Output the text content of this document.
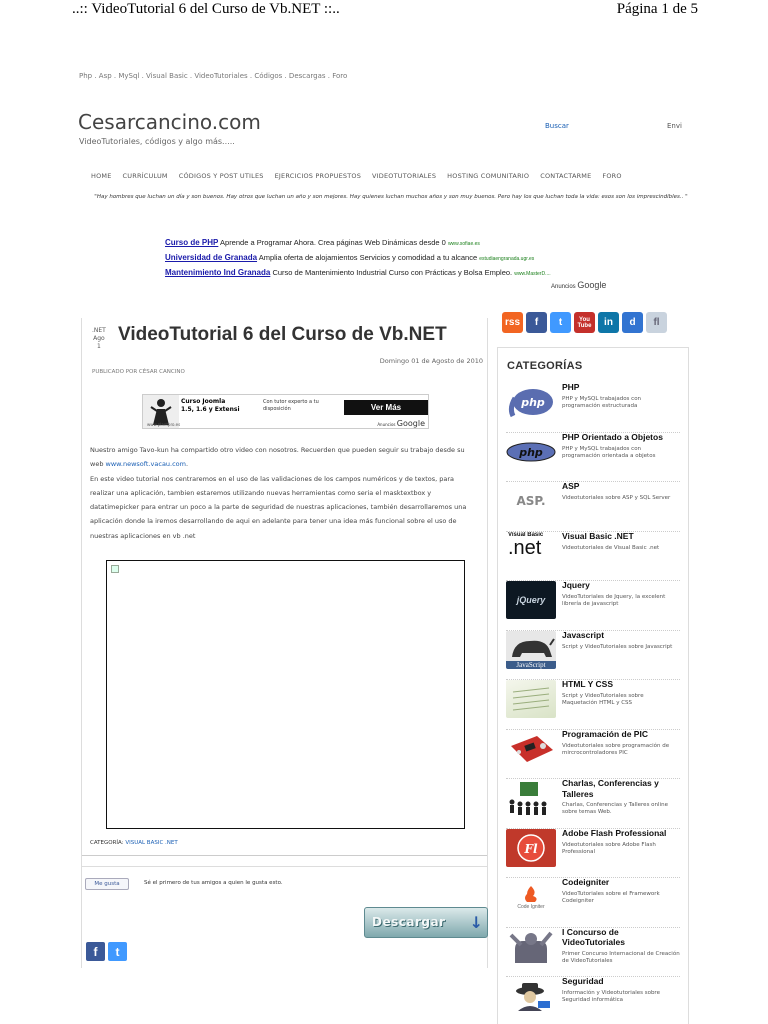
..:: VideoTutorial 6 del Curso de Vb.NET ::..	Página 1 de 5
Php . Asp . MySql . Visual Basic . VideoTutoriales . Códigos . Descargas . Foro
Cesarcancino.com
VideoTutoriales, códigos y algo más.....
Buscar	Envi
HOME CURRÍCULUM CÓDIGOS Y POST UTILES EJERCICIOS PROPUESTOS VIDEOTUTORIALES HOSTING COMUNITARIO CONTACTARME FORO
"Hay hombres que luchan un día y son buenos. Hay otros que luchan un año y son mejores. Hay quienes luchan muchos años y son muy buenos. Pero hay los que luchan toda la vida: esos son los imprescindibles.. "
Curso de PHP Aprende a Programar Ahora. Crea páginas Web Dinámicas desde 0 www.sofiae.es
Universidad de Granada Amplia oferta de alojamientos Servicios y comodidad a tu alcance estudiaengranada.ugr.es
Mantenimiento Ind Granada Curso de Mantenimiento Industrial Curso con Prácticas y Bolsa Empleo. www.MasterD....
Anuncios Google
rss	f	t	You Tube	in	d	fl
.NET
Ago
1
VideoTutorial 6 del Curso de Vb.NET
Domingo 01 de Agosto de 2010
PUBLICADO POR CÉSAR CANCINO
Curso Joomla
1.5, 1.6 y Extensi
Con tutor experto a tu disposición	Ver Más
www.plantpro.es	Anuncios Google
Nuestro amigo Tavo-kun ha compartido otro video con nosotros. Recuerden que pueden seguir su trabajo desde su web www.newsoft.vacau.com.
En este video tutorial nos centraremos en el uso de las validaciones de los campos numéricos y de textos, para realizar una aplicación, tambien estaremos utilizando nuevas herramientas como seria el masktextbox y datatimepicker para entrar un poco a la parte de seguridad de nuestras aplicaciones, también desarrollaremos una aplicación donde la iremos desarrollando de aqui en adelante para tener una idea más funcional sobre el uso de nuestras aplicaciones en vb .net
CATEGORÍA: VISUAL BASIC .NET
Me gusta	Sé el primero de tus amigos a quien le gusta esto.
Descargar ↓
f	t
CATEGORÍAS
php
PHP
PHP y MySQL trabajados con programación estructurada
php
PHP Orientado a Objetos
PHP y MySQL trabajados con programación orientada a objetos
ASP.
ASP
Videotutoriales sobre ASP y SQL Server
Visual Basic
.net
Visual Basic .NET
Videotutoriales de Visual Basic .net
jQuery
Jquery
VideoTutoriales de Jquery, la excelent librería de javascript
JavaScript
Javascript
Script y VideoTutoriales sobre Javascript
HTML Y CSS
Script y VideoTutoriales sobre Maquetación HTML y CSS
Programación de PIC
Videotutoriales sobre programación de mircrocontroladores PIC
Charlas, Conferencias y Talleres
Charlas, Conferencias y Talleres online sobre temas Web.
Fl
Adobe Flash Professional
Videotutoriales sobre Adobe Flash Professional
Code Igniter
Codeigniter
VideoTutoriales sobre el Framework Codeigniter
I Concurso de VideoTutoriales
Primer Concurso Internacional de Creación de VideoTutoriales
Seguridad
Información y Videotutoriales sobre Seguridad informática
